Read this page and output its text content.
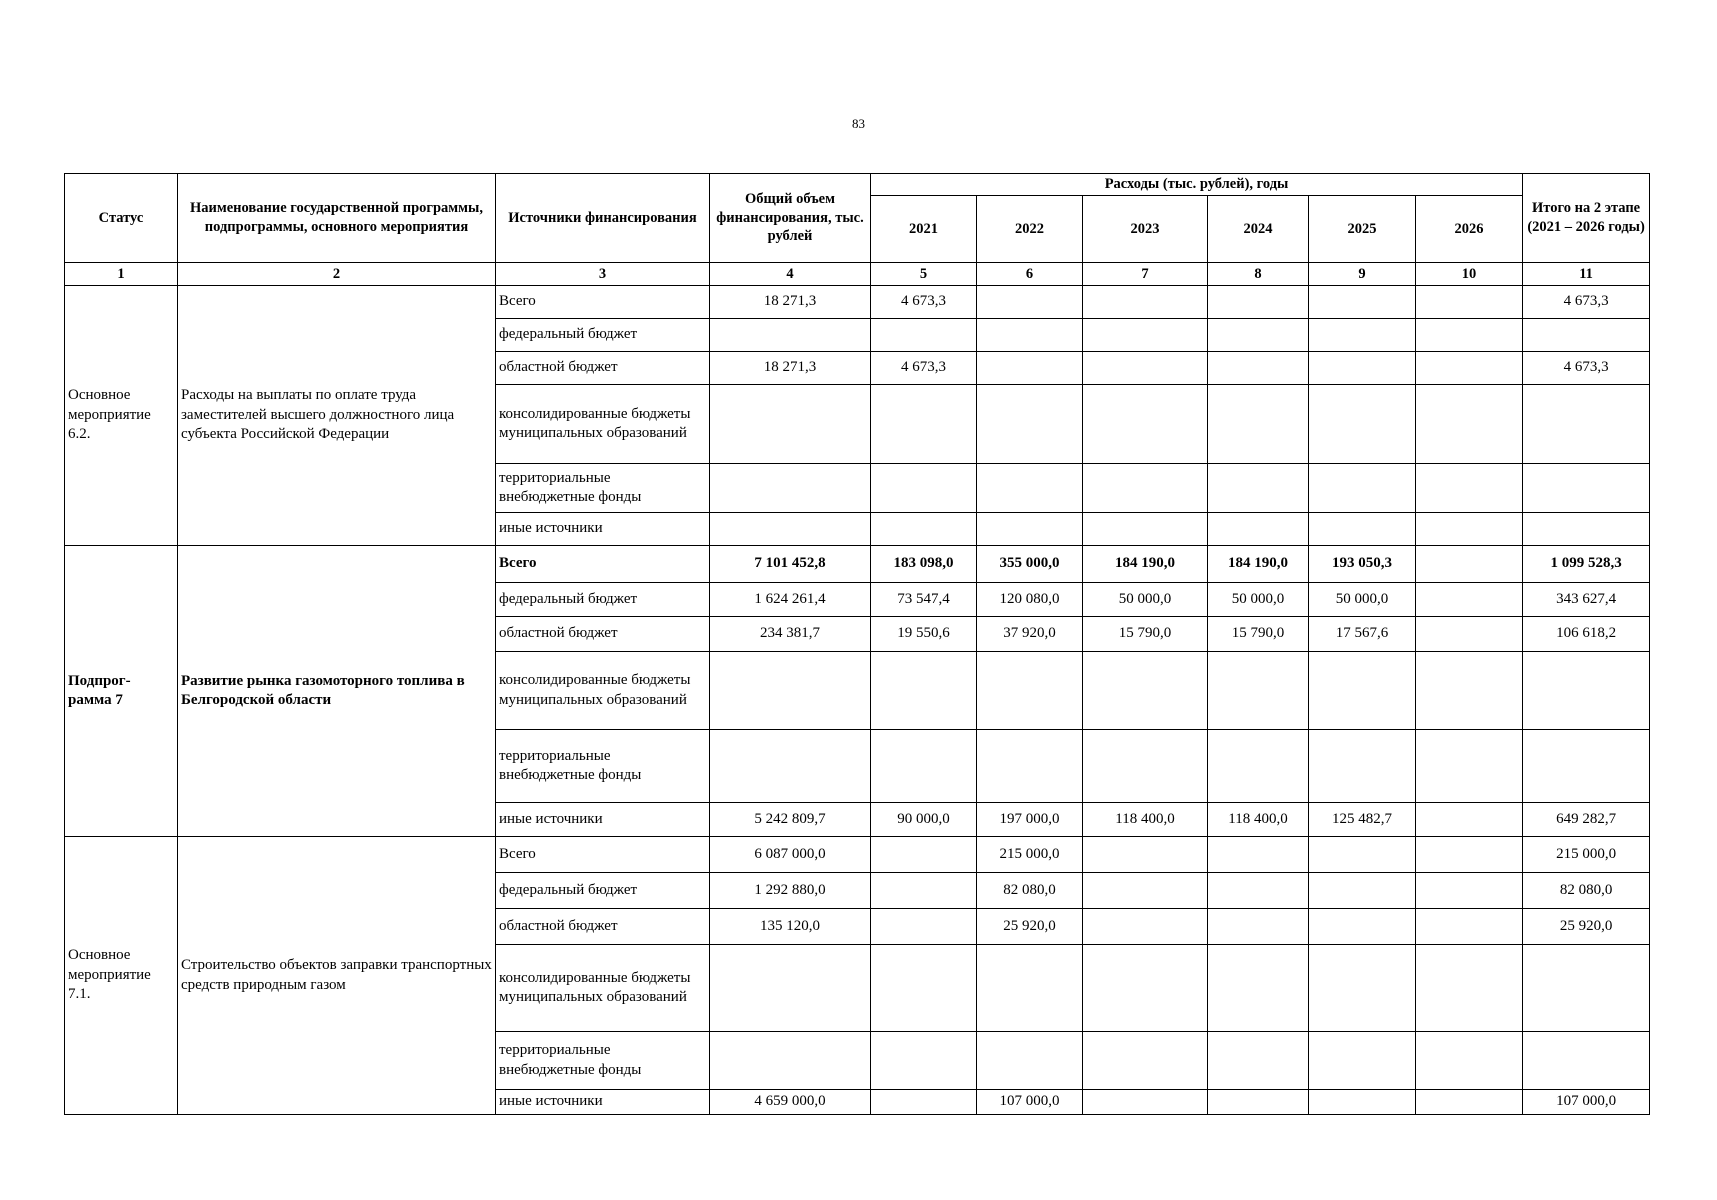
83
Статус	Наименование государственной программы, подпрограммы, основного мероприятия	Источники финансирования	Общий объем финансирования, тыс. рублей	Расходы (тыс. рублей), годы						Итого на 2 этапе (2021 – 2026 годы)
				2021	2022	2023	2024	2025	2026	
1	2	3	4	5	6	7	8	9	10	11
Основное мероприятие 6.2.	Расходы на выплаты по оплате труда заместителей высшего должностного лица субъекта Российской Федерации	Всего	18 271,3	4 673,3						4 673,3
		федеральный бюджет								
		областной бюджет	18 271,3	4 673,3						4 673,3
		консолидированные бюджеты муниципальных образований								
		территориальные внебюджетные фонды								
		иные источники								
Подпрог-рамма 7	Развитие рынка газомоторного топлива в Белгородской области	Всего	7 101 452,8	183 098,0	355 000,0	184 190,0	184 190,0	193 050,3		1 099 528,3
		федеральный бюджет	1 624 261,4	73 547,4	120 080,0	50 000,0	50 000,0	50 000,0		343 627,4
		областной бюджет	234 381,7	19 550,6	37 920,0	15 790,0	15 790,0	17 567,6		106 618,2
		консолидированные бюджеты муниципальных образований								
		территориальные внебюджетные фонды								
		иные источники	5 242 809,7	90 000,0	197 000,0	118 400,0	118 400,0	125 482,7		649 282,7
Основное мероприятие 7.1.	Строительство объектов заправки транспортных средств природным газом	Всего	6 087 000,0		215 000,0					215 000,0
		федеральный бюджет	1 292 880,0		82 080,0					82 080,0
		областной бюджет	135 120,0		25 920,0					25 920,0
		консолидированные бюджеты муниципальных образований								
		территориальные внебюджетные фонды								
		иные источники	4 659 000,0		107 000,0					107 000,0
